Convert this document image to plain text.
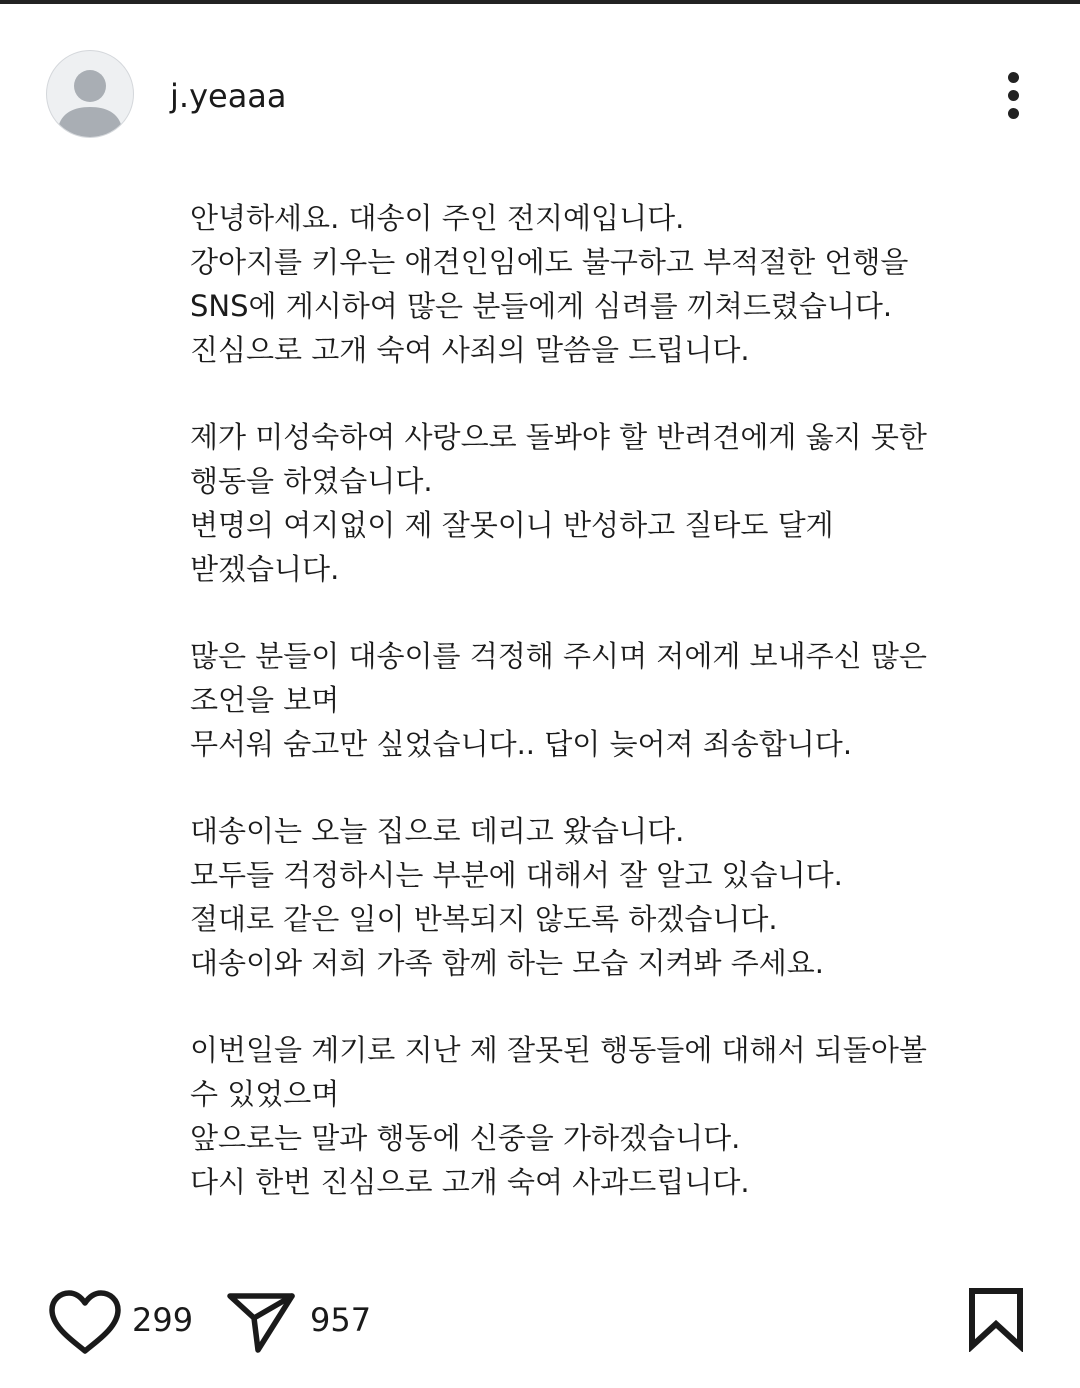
j.yeaaa
안녕하세요. 대송이 주인 전지예입니다.
강아지를 키우는 애견인임에도 불구하고 부적절한 언행을
SNS에 게시하여 많은 분들에게 심려를 끼쳐드렸습니다.
진심으로 고개 숙여 사죄의 말씀을 드립니다.
제가 미성숙하여 사랑으로 돌봐야 할 반려견에게 옳지 못한
행동을 하였습니다.
변명의 여지없이 제 잘못이니 반성하고 질타도 달게
받겠습니다.
많은 분들이 대송이를 걱정해 주시며 저에게 보내주신 많은
조언을 보며
무서워 숨고만 싶었습니다.. 답이 늦어져 죄송합니다.
대송이는 오늘 집으로 데리고 왔습니다.
모두들 걱정하시는 부분에 대해서 잘 알고 있습니다.
절대로 같은 일이 반복되지 않도록 하겠습니다.
대송이와 저희 가족 함께 하는 모습 지켜봐 주세요.
이번일을 계기로 지난 제 잘못된 행동들에 대해서 되돌아볼
수 있었으며
앞으로는 말과 행동에 신중을 가하겠습니다.
다시 한번 진심으로 고개 숙여 사과드립니다.
299	957
